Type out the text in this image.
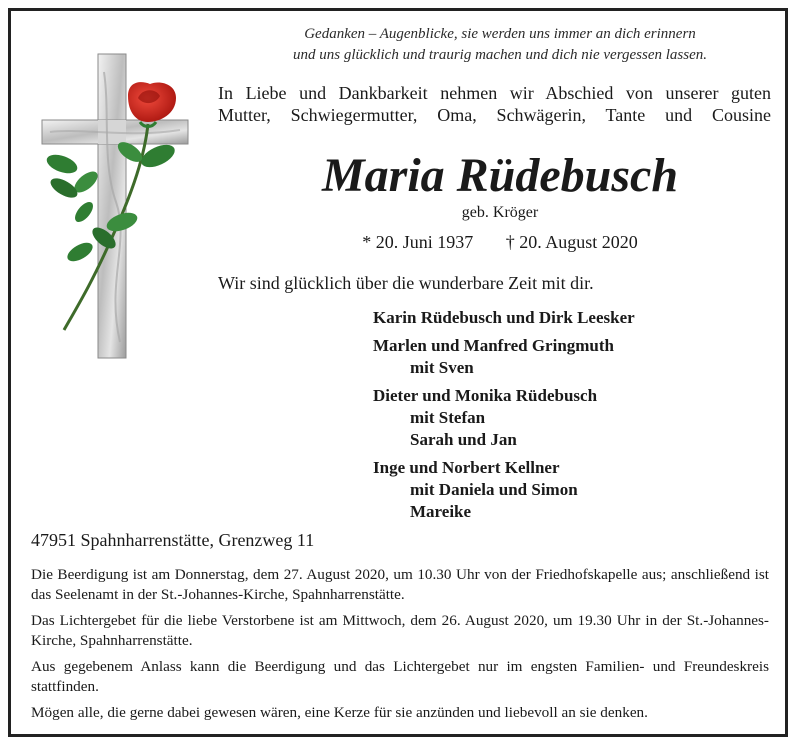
Gedanken – Augenblicke, sie werden uns immer an dich erinnern
und uns glücklich und traurig machen und dich nie vergessen lassen.
In Liebe und Dankbarkeit nehmen wir Abschied von unserer guten
Mutter, Schwiegermutter, Oma, Schwägerin, Tante und Cousine
Maria Rüdebusch
geb. Kröger
* 20. Juni 1937 † 20. August 2020
Wir sind glücklich über die wunderbare Zeit mit dir.
Karin Rüdebusch und Dirk Leesker
Marlen und Manfred Gringmuth
mit Sven
Dieter und Monika Rüdebusch
mit Stefan
Sarah und Jan
Inge und Norbert Kellner
mit Daniela und Simon
Mareike
47951 Spahnharrenstätte, Grenzweg 11

Die Beerdigung ist am Donnerstag, dem 27. August 2020, um 10.30 Uhr von der Friedhofskapelle aus; anschließend ist das Seelenamt in der St.-Johannes-Kirche, Spahnharrenstätte.

Das Lichtergebet für die liebe Verstorbene ist am Mittwoch, dem 26. August 2020, um 19.30 Uhr in der St.-Johannes-Kirche, Spahnharrenstätte.

Aus gegebenem Anlass kann die Beerdigung und das Lichtergebet nur im engsten Familien- und Freundeskreis stattfinden.

Mögen alle, die gerne dabei gewesen wären, eine Kerze für sie anzünden und liebevoll an sie denken.
